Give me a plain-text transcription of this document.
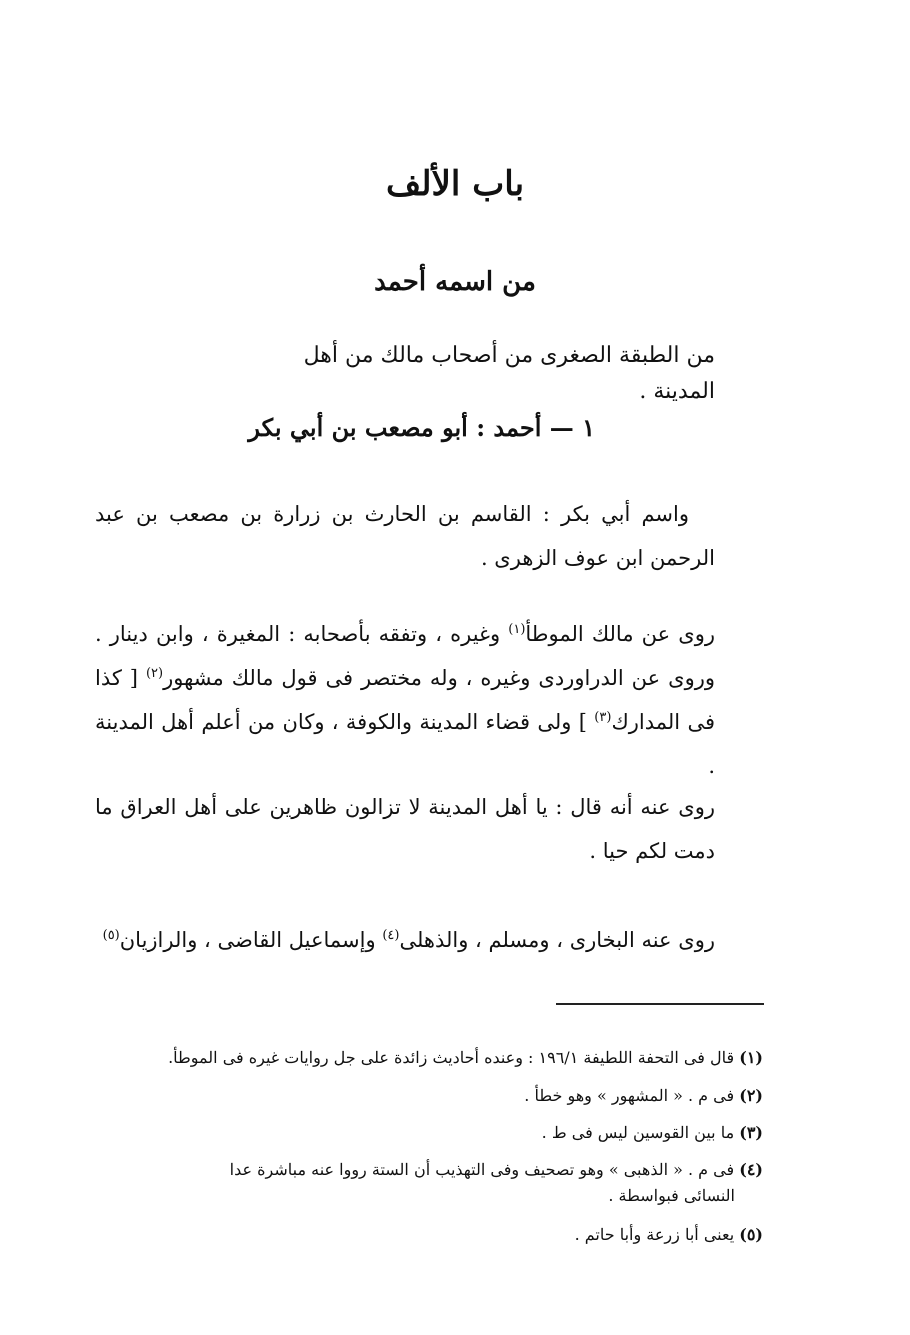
باب الألف
من اسمه أحمد
من الطبقة الصغرى من أصحاب مالك من أهل المدينة .
١ — أحمد : أبو مصعب بن أبي بكر
واسم أبي بكر : القاسم بن الحارث بن زرارة بن مصعب بن عبد الرحمن ابن عوف الزهرى .
روى عن مالك الموطأ$^{(١)}$ وغيره ، وتفقه بأصحابه : المغيرة ، وابن دينار . وروى عن الدراوردى وغيره ، وله مختصر فى قول مالك مشهور$^{(٢)}$ [ كذا فى المدارك$^{(٣)}$ ] ولى قضاء المدينة والكوفة ، وكان من أعلم أهل المدينة .
روى عنه أنه قال : يا أهل المدينة لا تزالون ظاهرين على أهل العراق ما دمت لكم حيا .
روى عنه البخارى ، ومسلم ، والذهلى$^{(٤)}$ وإسماعيل القاضى ، والرازيان$^{(٥)}$
(١) قال فى التحفة اللطيفة ١٩٦/١ : وعنده أحاديث زائدة على جل روايات غيره فى الموطأ.
(٢) فى م . « المشهور » وهو خطأ .
(٣) ما بين القوسين ليس فى ط .
(٤) فى م . « الذهبى » وهو تصحيف وفى التهذيب أن الستة رووا عنه مباشرة عدا
النسائى فبواسطة .
(٥) يعنى أبا زرعة وأبا حاتم .
